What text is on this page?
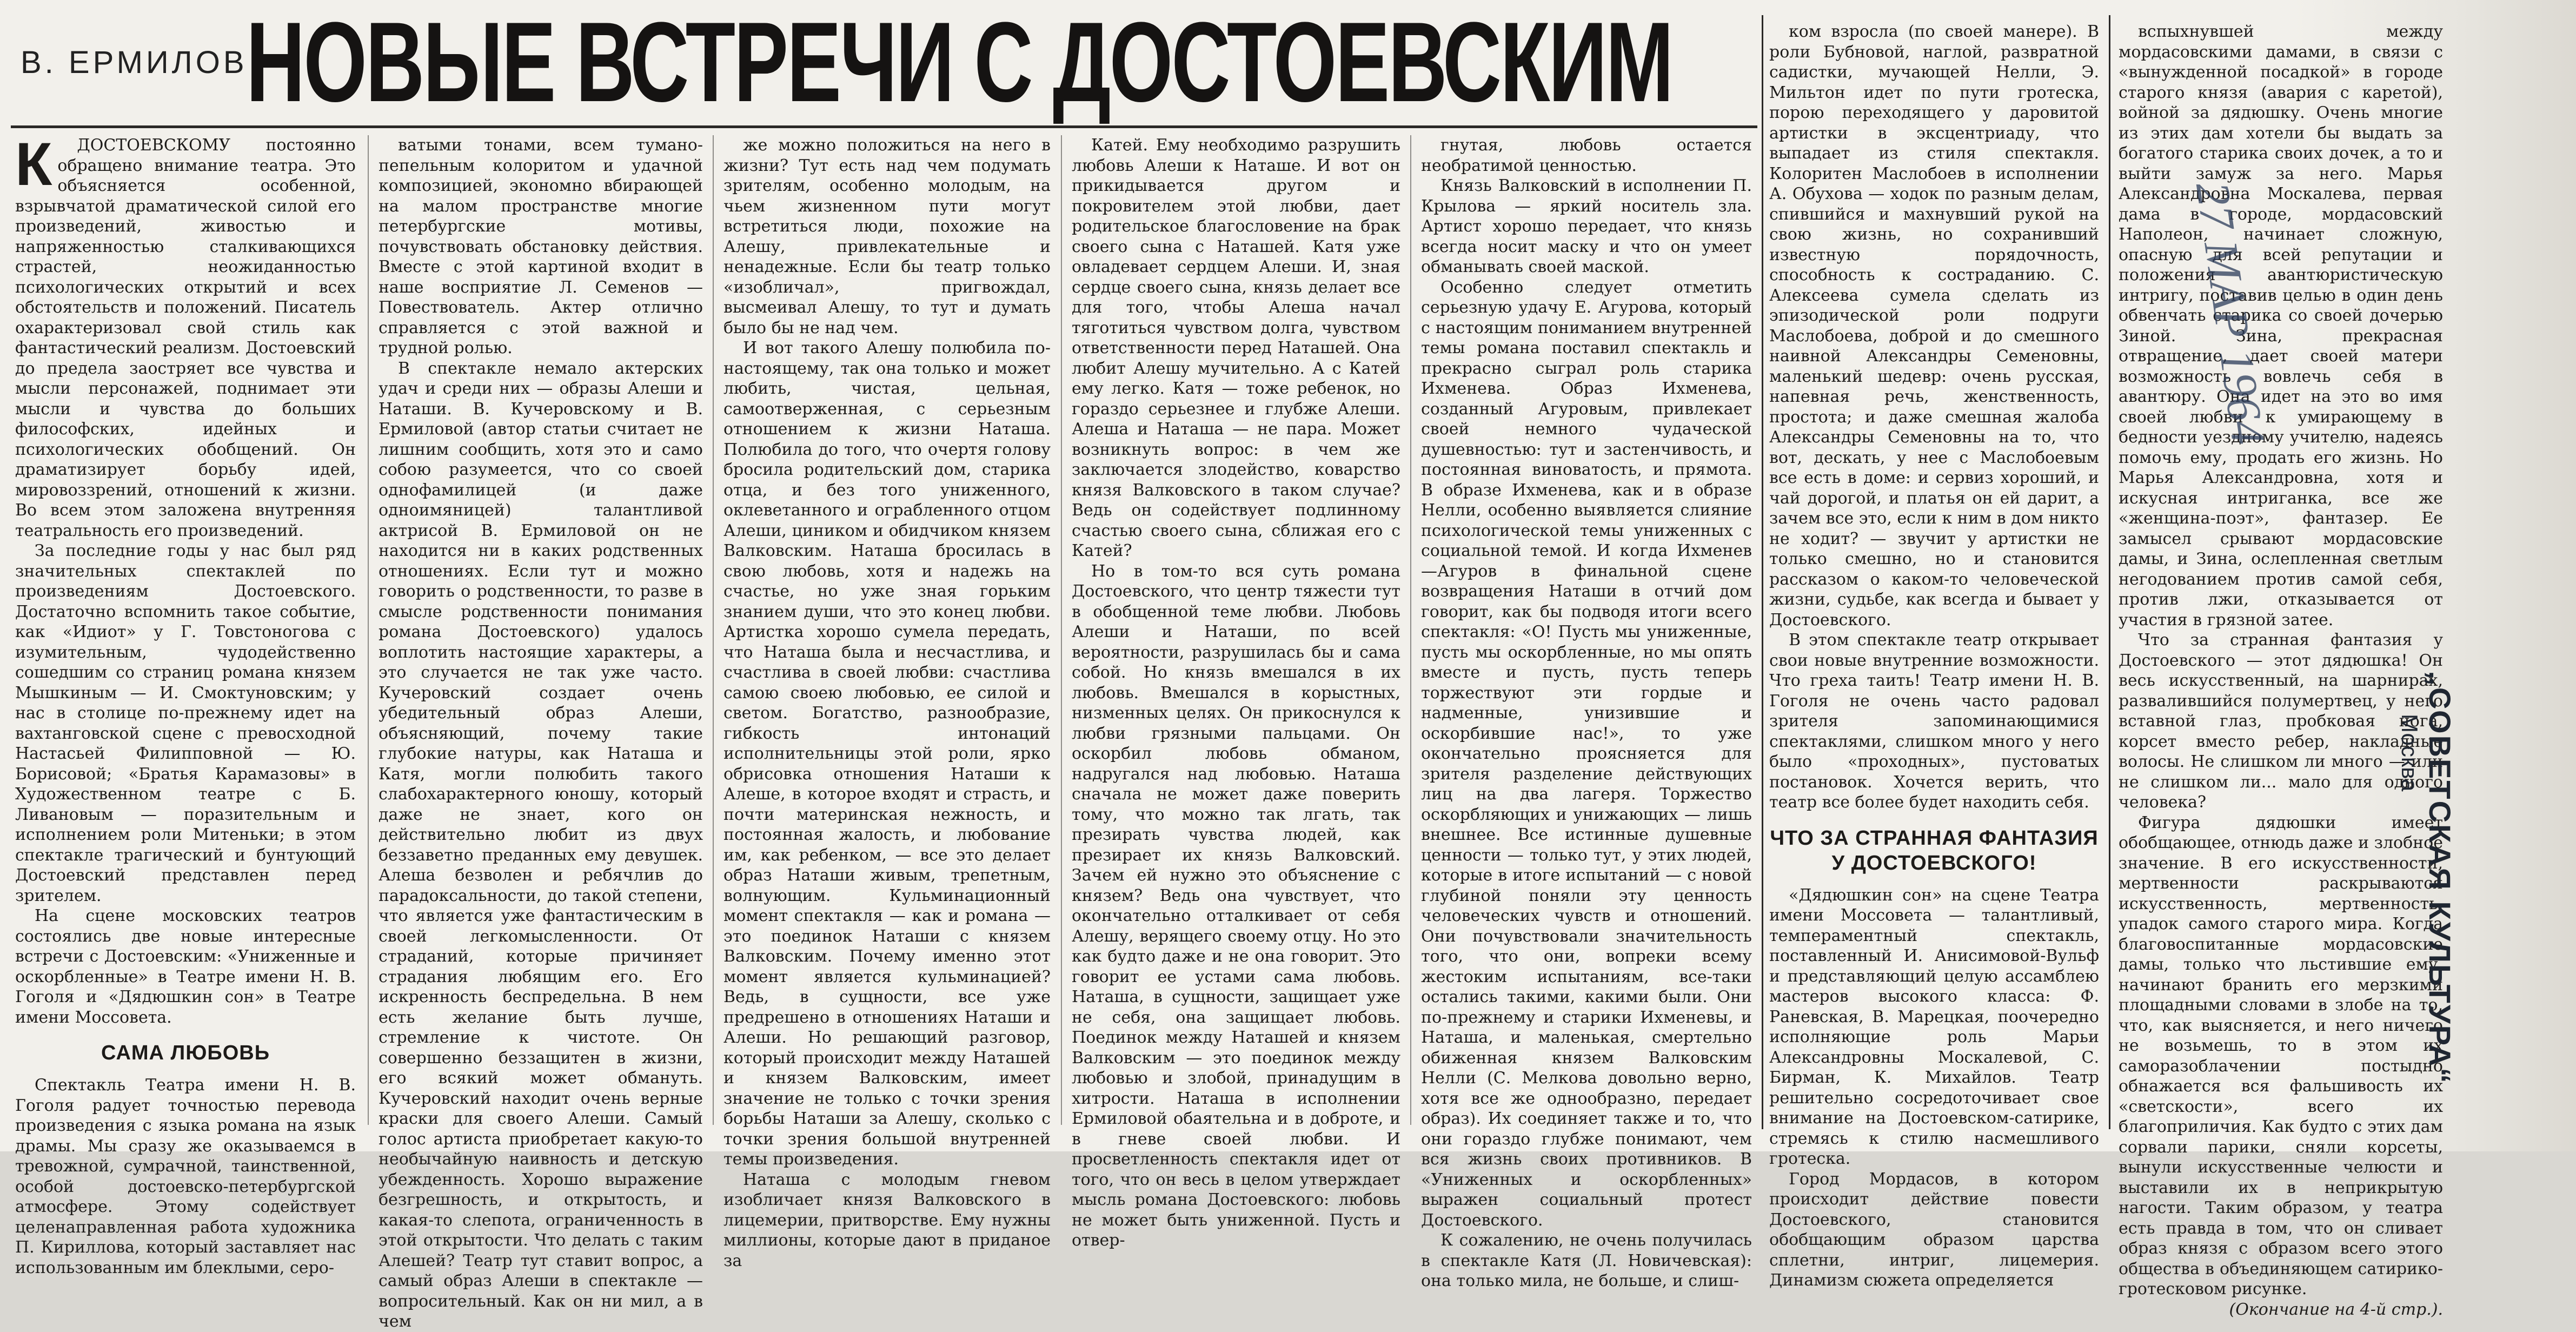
В. ЕРМИЛОВ
НОВЫЕ ВСТРЕЧИ С ДОСТОЕВСКИМ
К	ДОСТОЕВСКОМУ постоянно обращено внимание театра. Это объясняется особенной, взрывчатой драматической силой его произведений, живостью и напряженностью сталкивающихся страстей, неожиданностью психологических открытий и всех обстоятельств и положений. Писатель охарактеризовал свой стиль как фантастический реализм. Достоевский до предела заостряет все чувства и мысли персонажей, поднимает эти мысли и чувства до больших философских, идейных и психологических обобщений. Он драматизирует борьбу идей, мировоззрений, отношений к жизни. Во всем этом заложена внутренняя театральность его произведений.

За последние годы у нас был ряд значительных спектаклей по произведениям Достоевского. Достаточно вспомнить такое событие, как «Идиот» у Г. Товстоногова с изумительным, чудодейственно сошедшим со страниц романа князем Мышкиным — И. Смоктуновским; у нас в столице по-прежнему идет на вахтанговской сцене с превосходной Настасьей Филипповной — Ю. Борисовой; «Братья Карамазовы» в Художественном театре с Б. Ливановым — поразительным и исполнением роли Митеньки; в этом спектакле трагический и бунтующий Достоевский представлен перед зрителем.

На сцене московских театров состоялись две новые интересные встречи с Достоевским: «Униженные и оскорбленные» в Театре имени Н. В. Гоголя и «Дядюшкин сон» в Театре имени Моссовета.

САМА ЛЮБОВЬ

Спектакль Театра имени Н. В. Гоголя радует точностью перевода произведения с языка романа на язык драмы. Мы сразу же оказываемся в тревожной, сумрачной, таинственной, особой достоевско-петербургской атмосфере. Этому содействует целенаправленная работа художника П. Кириллова, который заставляет нас использованным им блеклыми, серо-

ватыми тонами, всем тумано-пепельным колоритом и удачной композицией, экономно вбирающей на малом пространстве многие петербургские мотивы, почувствовать обстановку действия. Вместе с этой картиной входит в наше восприятие Л. Семенов — Повествователь. Актер отлично справляется с этой важной и трудной ролью.

В спектакле немало актерских удач и среди них — образы Алеши и Наташи. В. Кучеровскому и В. Ермиловой (автор статьи считает не лишним сообщить, хотя это и само собою разумеется, что со своей однофамилицей (и даже одноимяницей) талантливой актрисой В. Ермиловой он не находится ни в каких родственных отношениях. Если тут и можно говорить о родственности, то разве в смысле родственности понимания романа Достоевского) удалось воплотить настоящие характеры, а это случается не так уже часто. Кучеровский создает очень убедительный образ Алеши, объясняющий, почему такие глубокие натуры, как Наташа и Катя, могли полюбить такого слабохарактерного юношу, который даже не знает, кого он действительно любит из двух беззаветно преданных ему девушек. Алеша безволен и ребячлив до парадоксальности, до такой степени, что является уже фантастическим в своей легкомысленности. От страданий, которые причиняет страдания любящим его. Его искренность беспредельна. В нем есть желание быть лучше, стремление к чистоте. Он совершенно беззащитен в жизни, его всякий может обмануть. Кучеровский находит очень верные краски для своего Алеши. Самый голос артиста приобретает какую-то необычайную наивность и детскую убежденность. Хорошо выражение безгрешность, и открытость, и какая-то слепота, ограниченность в этой открытости. Что делать с таким Алешей? Театр тут ставит вопрос, а самый образ Алеши в спектакле — вопросительный. Как он ни мил, а в чем

же можно положиться на него в жизни? Тут есть над чем подумать зрителям, особенно молодым, на чьем жизненном пути могут встретиться люди, похожие на Алешу, привлекательные и ненадежные. Если бы театр только «изобличал», пригвождал, высмеивал Алешу, то тут и думать было бы не над чем.

И вот такого Алешу полюбила по-настоящему, так она только и может любить, чистая, цельная, самоотверженная, с серьезным отношением к жизни Наташа. Полюбила до того, что очертя голову бросила родительский дом, старика отца, и без того униженного, оклеветанного и ограбленного отцом Алеши, циником и обидчиком князем Валковским. Наташа бросилась в свою любовь, хотя и надежь на счастье, но уже зная горьким знанием души, что это конец любви. Артистка хорошо сумела передать, что Наташа была и несчастлива, и счастлива в своей любви: счастлива самою своею любовью, ее силой и светом. Богатство, разнообразие, гибкость интонаций исполнительницы этой роли, ярко обрисовка отношения Наташи к Алеше, в которое входят и страсть, и почти материнская нежность, и постоянная жалость, и любование им, как ребенком, — все это делает образ Наташи живым, трепетным, волнующим. Кульминационный момент спектакля — как и романа — это поединок Наташи с князем Валковским. Почему именно этот момент является кульминацией? Ведь, в сущности, все уже предрешено в отношениях Наташи и Алеши. Но решающий разговор, который происходит между Наташей и князем Валковским, имеет значение не только с точки зрения борьбы Наташи за Алешу, сколько с точки зрения большой внутренней темы произведения.

Наташа с молодым гневом изобличает князя Валковского в лицемерии, притворстве. Ему нужны миллионы, которые дают в приданое за

Катей. Ему необходимо разрушить любовь Алеши к Наташе. И вот он прикидывается другом и покровителем этой любви, дает родительское благословение на брак своего сына с Наташей. Катя уже овладевает сердцем Алеши. И, зная сердце своего сына, князь делает все для того, чтобы Алеша начал тяготиться чувством долга, чувством ответственности перед Наташей. Она любит Алешу мучительно. А с Катей ему легко. Катя — тоже ребенок, но гораздо серьезнее и глубже Алеши. Алеша и Наташа — не пара. Может возникнуть вопрос: в чем же заключается злодейство, коварство князя Валковского в таком случае? Ведь он содействует подлинному счастью своего сына, сближая его с Катей?

Но в том-то вся суть романа Достоевского, что центр тяжести тут в обобщенной теме любви. Любовь Алеши и Наташи, по всей вероятности, разрушилась бы и сама собой. Но князь вмешался в их любовь. Вмешался в корыстных, низменных целях. Он прикоснулся к любви грязными пальцами. Он оскорбил любовь обманом, надругался над любовью. Наташа сначала не может даже поверить тому, что можно так лгать, так презирать чувства людей, как презирает их князь Валковский. Зачем ей нужно это объяснение с князем? Ведь она чувствует, что окончательно отталкивает от себя Алешу, верящего своему отцу. Но это как будто даже и не она говорит. Это говорит ее устами сама любовь. Наташа, в сущности, защищает уже не себя, она защищает любовь. Поединок между Наташей и князем Валковским — это поединок между любовью и злобой, принадущим в хитрости. Наташа в исполнении Ермиловой обаятельна и в доброте, и в гневе своей любви. И просветленность спектакля идет от того, что он весь в целом утверждает мысль романа Достоевского: любовь не может быть униженной. Пусть и отвер-

гнутая, любовь остается необратимой ценностью.

Князь Валковский в исполнении П. Крылова — яркий носитель зла. Артист хорошо передает, что князь всегда носит маску и что он умеет обманывать своей маской.

Особенно следует отметить серьезную удачу Е. Агурова, который с настоящим пониманием внутренней темы романа поставил спектакль и прекрасно сыграл роль старика Ихменева. Образ Ихменева, созданный Агуровым, привлекает своей немного чудаческой душевностью: тут и застенчивость, и постоянная виноватость, и прямота. В образе Ихменева, как и в образе Нелли, особенно выявляется слияние психологической темы униженных с социальной темой. И когда Ихменев—Агуров в финальной сцене возвращения Наташи в отчий дом говорит, как бы подводя итоги всего спектакля: «О! Пусть мы униженные, пусть мы оскорбленные, но мы опять вместе и пусть, пусть теперь торжествуют эти гордые и надменные, унизившие и оскорбившие нас!», то уже окончательно проясняется для зрителя разделение действующих лиц на два лагеря. Торжество оскорбляющих и унижающих — лишь внешнее. Все истинные душевные ценности — только тут, у этих людей, которые в итоге испытаний — с новой глубиной поняли эту ценность человеческих чувств и отношений. Они почувствовали значительность того, что они, вопреки всему жестоким испытаниям, все-таки остались такими, какими были. Они по-прежнему и старики Ихменевы, и Наташа, и маленькая, смертельно обиженная князем Валковским Нелли (С. Мелкова довольно верно, хотя все же однообразно, передает образ). Их соединяет также и то, что они гораздо глубже понимают, чем вся жизнь своих противников. В «Униженных и оскорбленных» выражен социальный протест Достоевского.

К сожалению, не очень получилась в спектакле Катя (Л. Новичевская): она только мила, не больше, и слиш-

ком взросла (по своей манере). В роли Бубновой, наглой, развратной садистки, мучающей Нелли, Э. Мильтон идет по пути гротеска, порою переходящего у даровитой артистки в эксцентриаду, что выпадает из стиля спектакля. Колоритен Маслобоев в исполнении А. Обухова — ходок по разным делам, спившийся и махнувший рукой на свою жизнь, но сохранивший известную порядочность, способность к состраданию. С. Алексеева сумела сделать из эпизодической роли подруги Маслобоева, доброй и до смешного наивной Александры Семеновны, маленький шедевр: очень русская, напевная речь, женственность, простота; и даже смешная жалоба Александры Семеновны на то, что вот, дескать, у нее с Маслобоевым все есть в доме: и сервиз хороший, и чай дорогой, и платья он ей дарит, а зачем все это, если к ним в дом никто не ходит? — звучит у артистки не только смешно, но и становится рассказом о каком-то человеческой жизни, судьбе, как всегда и бывает у Достоевского.

В этом спектакле театр открывает свои новые внутренние возможности. Что греха таить! Театр имени Н. В. Гоголя не очень часто радовал зрителя запоминающимися спектаклями, слишком много у него было «проходных», пустоватых постановок. Хочется верить, что театр все более будет находить себя.

ЧТО ЗА СТРАННАЯ ФАНТАЗИЯ У ДОСТОЕВСКОГО!

«Дядюшкин сон» на сцене Театра имени Моссовета — талантливый, темпераментный спектакль, поставленный И. Анисимовой-Вульф и представляющий целую ассамблею мастеров высокого класса: Ф. Раневская, В. Марецкая, поочередно исполняющие роль Марьи Александровны Москалевой, С. Бирман, К. Михайлов. Театр решительно сосредоточивает свое внимание на Достоевском-сатирике, стремясь к стилю насмешливого гротеска.

Город Мордасов, в котором происходит действие повести Достоевского, становится обобщающим образом царства сплетни, интриг, лицемерия. Динамизм сюжета определяется

вспыхнувшей между мордасовскими дамами, в связи с «вынужденной посадкой» в городе старого князя (авария с каретой), войной за дядюшку. Очень многие из этих дам хотели бы выдать за богатого старика своих дочек, а то и выйти замуж за него. Марья Александровна Москалева, первая дама в городе, мордасовский Наполеон, начинает сложную, опасную для всей репутации и положения авантюристическую интригу, поставив целью в один день обвенчать старика со своей дочерью Зиной. Зина, прекрасная отвращение, дает своей матери возможность вовлечь себя в авантюру. Она идет на это во имя своей любви к умирающему в бедности уездному учителю, надеясь помочь ему, продать его жизнь. Но Марья Александровна, хотя и искусная интриганка, все же «женщина-поэт», фантазер. Ее замысел срывают мордасовские дамы, и Зина, ослепленная светлым негодованием против самой себя, против лжи, отказывается от участия в грязной затее.

Что за странная фантазия у Достоевского — этот дядюшка! Он весь искусственный, на шарнирах, развалившийся полумертвец, у него вставной глаз, пробковая нога, корсет вместо ребер, накладные волосы. Не слишком ли много — или не слишком ли... мало для одного человека?

Фигура дядюшки имеет обобщающее, отнюдь даже и злобное значение. В его искусственности, мертвенности раскрываются искусственность, мертвенность, упадок самого старого мира. Когда благовоспитанные мордасовские дамы, только что льстившие ему, начинают бранить его мерзкими площадными словами в злобе на то, что, как выясняется, и него ничего не возьмешь, то в этом их саморазоблачении постыдно обнажается вся фальшивость их «светскости», всего их благоприличия. Как будто с этих дам сорвали парики, сняли корсеты, вынули искусственные челюсти и выставили их в неприкрытую нагости. Таким образом, у театра есть правда в том, что он сливает образ князя с образом всего этого общества в объединяющем сатирико-гротесковом рисунке.

(Окончание на 4-й стр.).

27 МАР 1964
„СОВЕТСКАЯ КУЛЬТУРА“
Москва
